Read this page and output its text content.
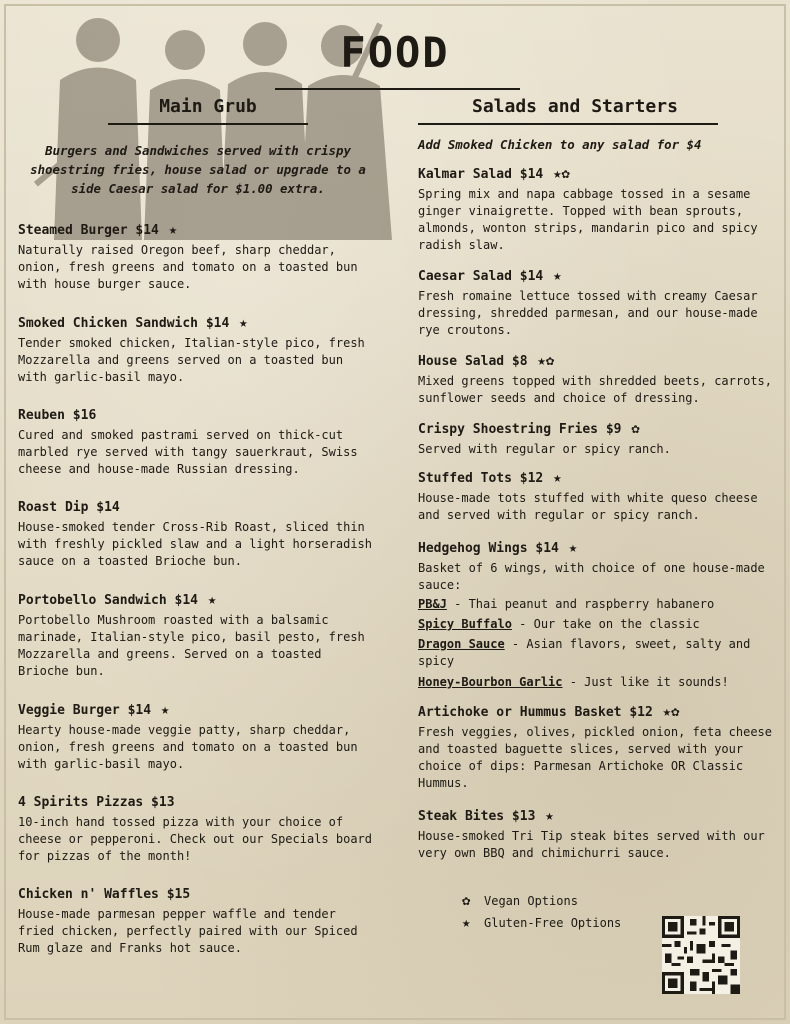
FOOD
Main Grub
Burgers and Sandwiches served with crispy shoestring fries, house salad or upgrade to a side Caesar salad for $1.00 extra.
Steamed Burger $14 ★
Naturally raised Oregon beef, sharp cheddar, onion, fresh greens and tomato on a toasted bun with house burger sauce.
Smoked Chicken Sandwich $14 ★
Tender smoked chicken, Italian-style pico, fresh Mozzarella and greens served on a toasted bun with garlic-basil mayo.
Reuben $16
Cured and smoked pastrami served on thick-cut marbled rye served with tangy sauerkraut, Swiss cheese and house-made Russian dressing.
Roast Dip $14
House-smoked tender Cross-Rib Roast, sliced thin with freshly pickled slaw and a light horseradish sauce on a toasted Brioche bun.
Portobello Sandwich $14 ★
Portobello Mushroom roasted with a balsamic marinade, Italian-style pico, basil pesto, fresh Mozzarella and greens. Served on a toasted Brioche bun.
Veggie Burger $14 ★
Hearty house-made veggie patty, sharp cheddar, onion, fresh greens and tomato on a toasted bun with garlic-basil mayo.
4 Spirits Pizzas $13
10-inch hand tossed pizza with your choice of cheese or pepperoni. Check out our Specials board for pizzas of the month!
Chicken n' Waffles $15
House-made parmesan pepper waffle and tender fried chicken, perfectly paired with our Spiced Rum glaze and Franks hot sauce.
Salads and Starters
Add Smoked Chicken to any salad for $4
Kalmar Salad $14 ★✿
Spring mix and napa cabbage tossed in a sesame ginger vinaigrette. Topped with bean sprouts, almonds, wonton strips, mandarin pico and spicy radish slaw.
Caesar Salad $14 ★
Fresh romaine lettuce tossed with creamy Caesar dressing, shredded parmesan, and our house-made rye croutons.
House Salad $8 ★✿
Mixed greens topped with shredded beets, carrots, sunflower seeds and choice of dressing.
Crispy Shoestring Fries $9 ✿
Served with regular or spicy ranch.
Stuffed Tots $12 ★
House-made tots stuffed with white queso cheese and served with regular or spicy ranch.
Hedgehog Wings $14 ★
Basket of 6 wings, with choice of one house-made sauce:
PB&J - Thai peanut and raspberry habanero
Spicy Buffalo - Our take on the classic
Dragon Sauce - Asian flavors, sweet, salty and spicy
Honey-Bourbon Garlic - Just like it sounds!
Artichoke or Hummus Basket $12 ★✿
Fresh veggies, olives, pickled onion, feta cheese and toasted baguette slices, served with your choice of dips: Parmesan Artichoke OR Classic Hummus.
Steak Bites $13 ★
House-smoked Tri Tip steak bites served with our very own BBQ and chimichurri sauce.
✿ Vegan Options
★ Gluten-Free Options
